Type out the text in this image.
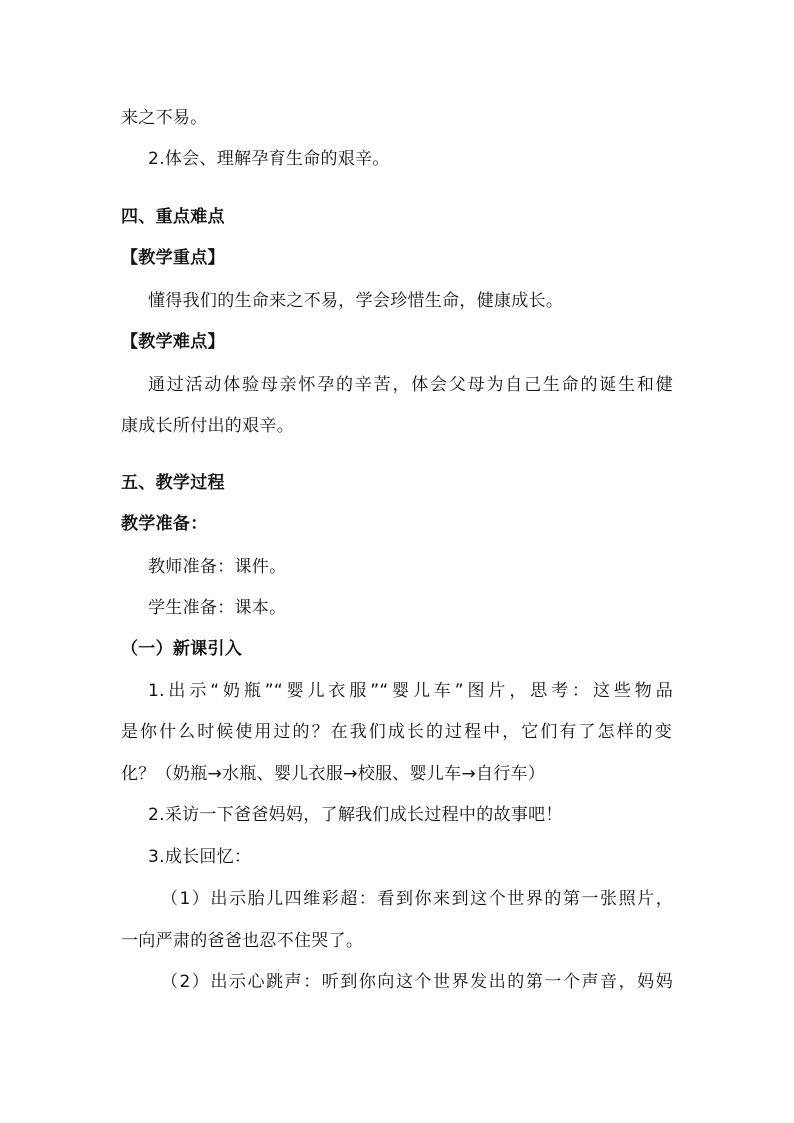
来之不易。
2.体会、理解孕育生命的艰辛。
四、重点难点
【教学重点】
懂得我们的生命来之不易，学会珍惜生命，健康成长。
【教学难点】
通过活动体验母亲怀孕的辛苦，体会父母为自己生命的诞生和健
康成长所付出的艰辛。
五、教学过程
教学准备：
教师准备：课件。
学生准备：课本。
（一）新课引入
1.出示“奶瓶”“婴儿衣服”“婴儿车”图片，思考：这些物品
是你什么时候使用过的？在我们成长的过程中，它们有了怎样的变
化？（奶瓶→水瓶、婴儿衣服→校服、婴儿车→自行车）
2.采访一下爸爸妈妈，了解我们成长过程中的故事吧！
3.成长回忆：
（1）出示胎儿四维彩超：看到你来到这个世界的第一张照片，
一向严肃的爸爸也忍不住哭了。
（2）出示心跳声：听到你向这个世界发出的第一个声音，妈妈
